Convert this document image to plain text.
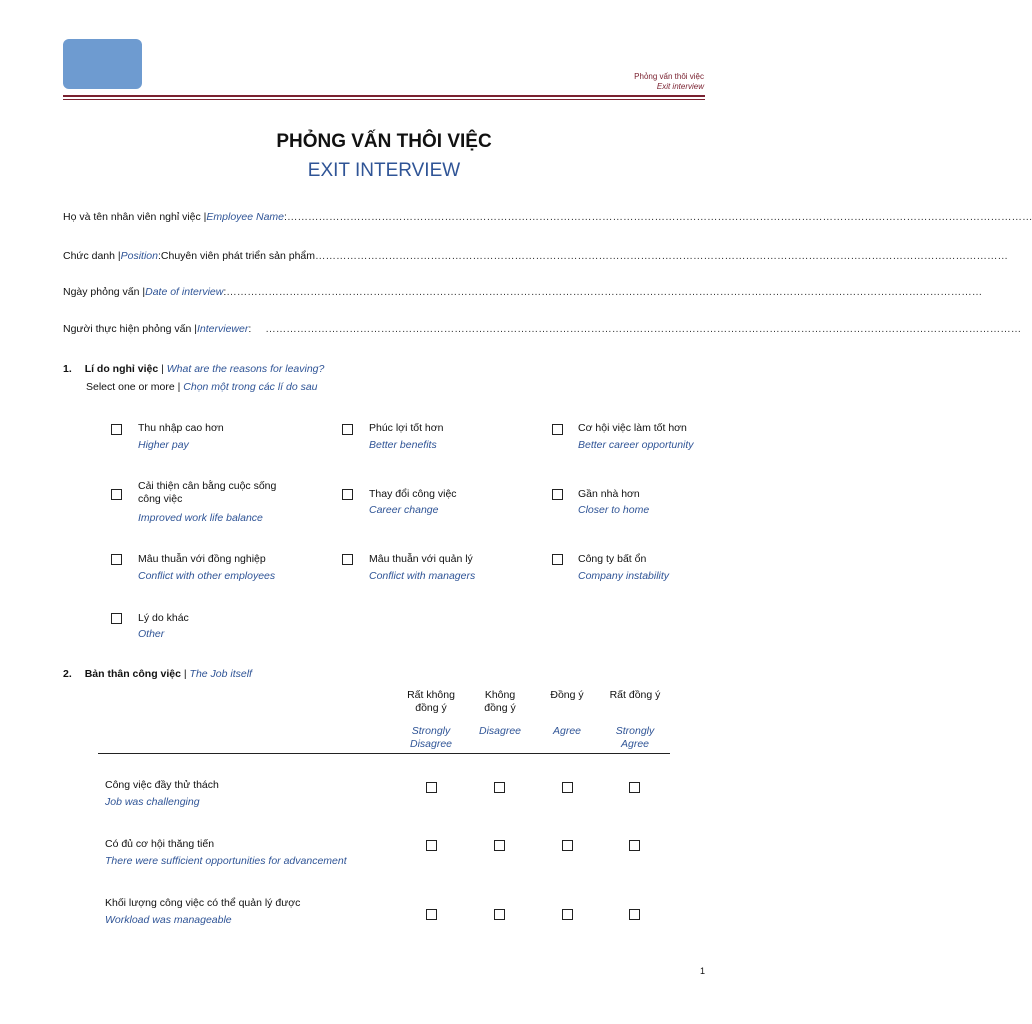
Phỏng vấn thôi việc
Exit interview
PHỎNG VẤN THÔI VIỆC
EXIT INTERVIEW
Họ và tên nhân viên nghỉ việc | Employee Name : ……………………………………………………………………………………………………………………………………………………………………………………………
Chức danh | Position : Chuyên viên phát triển sản phẩm ………………………………………………………………………………………………………………………………………………………………………………
Ngày phỏng vấn | Date of interview : ………………………………………………………………………………………………………………………………………………………………………………………………
Người thực hiện phỏng vấn | Interviewer : ………………………………………………………………………………………………………………………………………………………………………………………………
1. Lí do nghỉ việc | What are the reasons for leaving?
Select one or more | Chọn một trong các lí do sau
Thu nhập cao hơn
Higher pay
Phúc lợi tốt hơn
Better benefits
Cơ hội việc làm tốt hơn
Better career opportunity
Cải thiện cân bằng cuộc sống công việc
Improved work life balance
Thay đổi công việc
Career change
Gần nhà hơn
Closer to home
Mâu thuẫn với đồng nghiệp
Conflict with other employees
Mâu thuẫn với quản lý
Conflict with managers
Công ty bất ổn
Company instability
Lý do khác
Other
2. Bản thân công việc | The Job itself
Rất không đồng ý
Strongly Disagree
Không đồng ý
Disagree
Đồng ý
Agree
Rất đồng ý
Strongly Agree
Công việc đầy thử thách
Job was challenging
Có đủ cơ hội thăng tiến
There were sufficient opportunities for advancement
Khối lượng công việc có thể quản lý được
Workload was manageable
1
